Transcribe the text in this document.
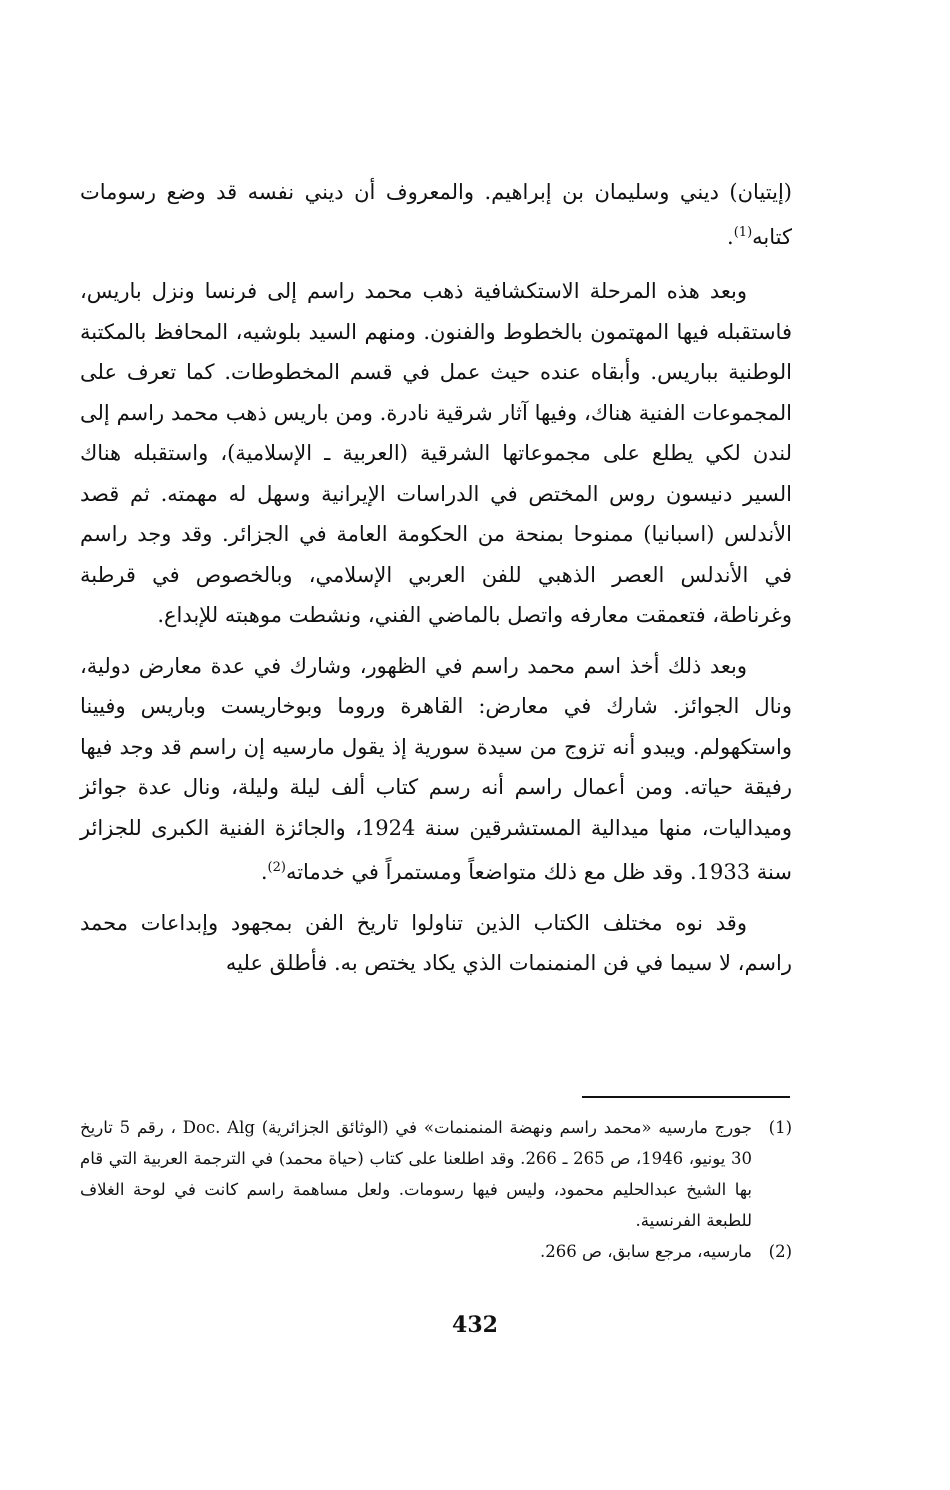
(إيتيان) ديني وسليمان بن إبراهيم. والمعروف أن ديني نفسه قد وضع رسومات كتابه$^{(1)}$.

وبعد هذه المرحلة الاستكشافية ذهب محمد راسم إلى فرنسا ونزل باريس، فاستقبله فيها المهتمون بالخطوط والفنون. ومنهم السيد بلوشيه، المحافظ بالمكتبة الوطنية بباريس. وأبقاه عنده حيث عمل في قسم المخطوطات. كما تعرف على المجموعات الفنية هناك، وفيها آثار شرقية نادرة. ومن باريس ذهب محمد راسم إلى لندن لكي يطلع على مجموعاتها الشرقية (العربية ـ الإسلامية)، واستقبله هناك السير دنيسون روس المختص في الدراسات الإيرانية وسهل له مهمته. ثم قصد الأندلس (اسبانيا) ممنوحا بمنحة من الحكومة العامة في الجزائر. وقد وجد راسم في الأندلس العصر الذهبي للفن العربي الإسلامي، وبالخصوص في قرطبة وغرناطة، فتعمقت معارفه واتصل بالماضي الفني، ونشطت موهبته للإبداع.

وبعد ذلك أخذ اسم محمد راسم في الظهور، وشارك في عدة معارض دولية، ونال الجوائز. شارك في معارض: القاهرة وروما وبوخاريست وباريس وفيينا واستكهولم. ويبدو أنه تزوج من سيدة سورية إذ يقول مارسيه إن راسم قد وجد فيها رفيقة حياته. ومن أعمال راسم أنه رسم كتاب ألف ليلة وليلة، ونال عدة جوائز وميداليات، منها ميدالية المستشرقين سنة 1924، والجائزة الفنية الكبرى للجزائر سنة 1933. وقد ظل مع ذلك متواضعاً ومستمراً في خدماته$^{(2)}$.

وقد نوه مختلف الكتاب الذين تناولوا تاريخ الفن بمجهود وإبداعات محمد راسم، لا سيما في فن المنمنمات الذي يكاد يختص به. فأطلق عليه

(1)جورج مارسيه «محمد راسم ونهضة المنمنمات» في (الوثائق الجزائرية) Doc. Alg ، رقم 5 تاريخ 30 يونيو، 1946، ص 265 ـ 266. وقد اطلعنا على كتاب (حياة محمد) في الترجمة العربية التي قام بها الشيخ عبدالحليم محمود، وليس فيها رسومات. ولعل مساهمة راسم كانت في لوحة الغلاف للطبعة الفرنسية.

(2)مارسيه، مرجع سابق، ص 266.

432
